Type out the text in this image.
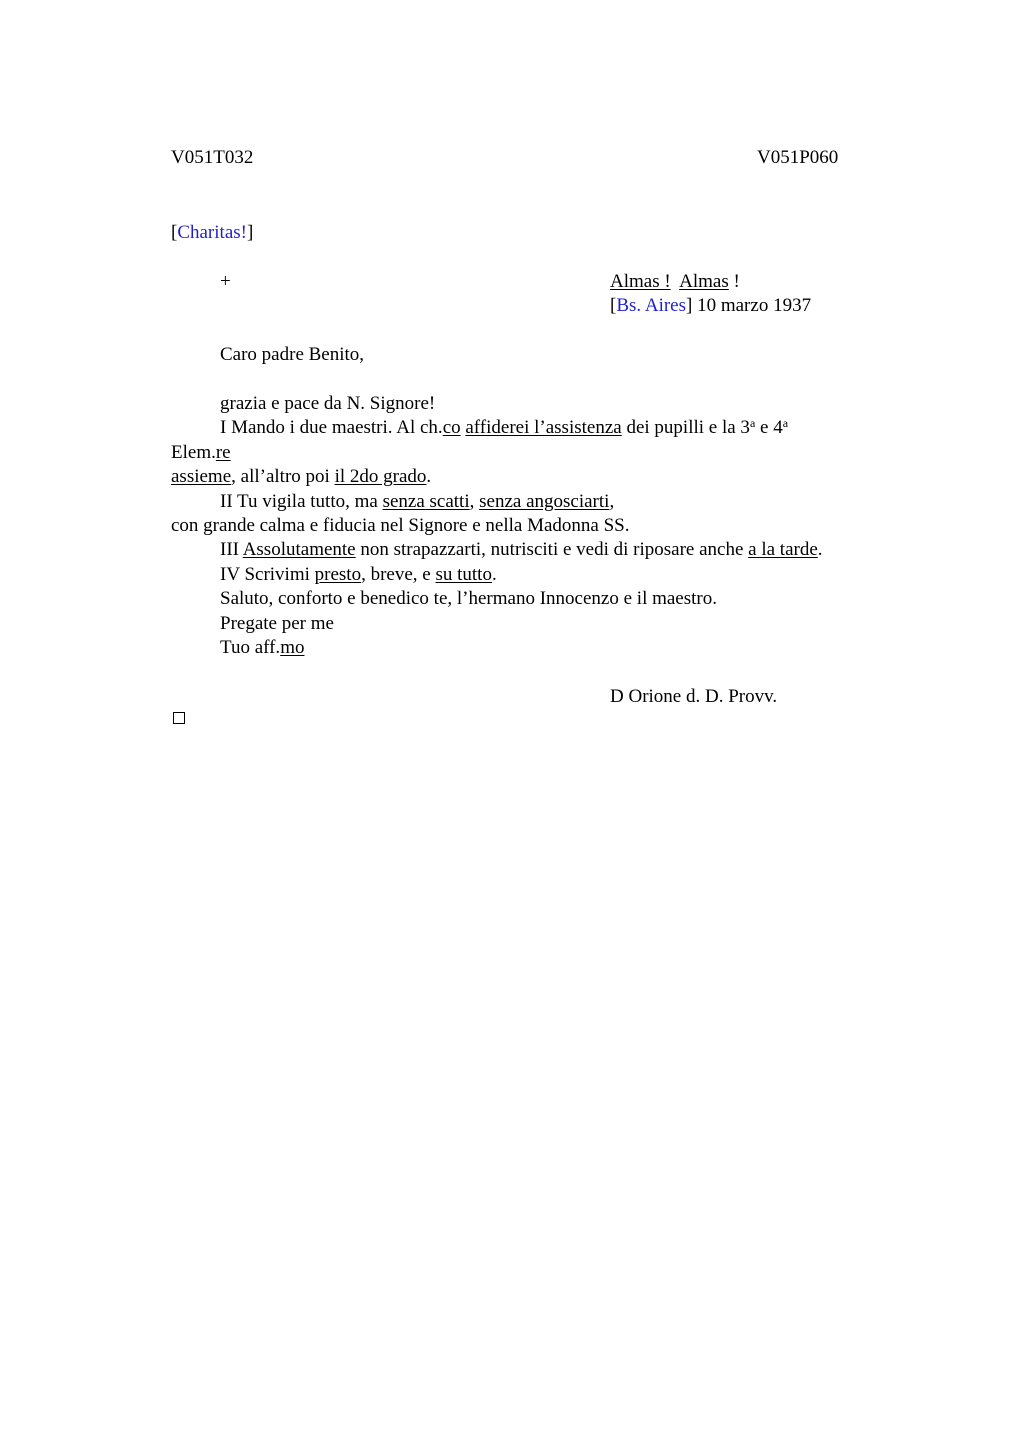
V051T032	V051P060
[Charitas!]
+	Almas ! Almas !
[Bs. Aires] 10 marzo 1937
Caro padre Benito,
grazia e pace da N. Signore!
I Mando i due maestri. Al ch.co affiderei l’assistenza dei pupilli e la 3$^a$ e 4$^a$
Elem.re
assieme, all’altro poi il 2do grado.
II Tu vigila tutto, ma senza scatti, senza angosciarti,
con grande calma e fiducia nel Signore e nella Madonna SS.
III Assolutamente non strapazzarti, nutrisciti e vedi di riposare anche a la tarde.
IV Scrivimi presto, breve, e su tutto.
Saluto, conforto e benedico te, l’hermano Innocenzo e il maestro.
Pregate per me
Tuo aff.mo
D Orione d. D. Provv.
